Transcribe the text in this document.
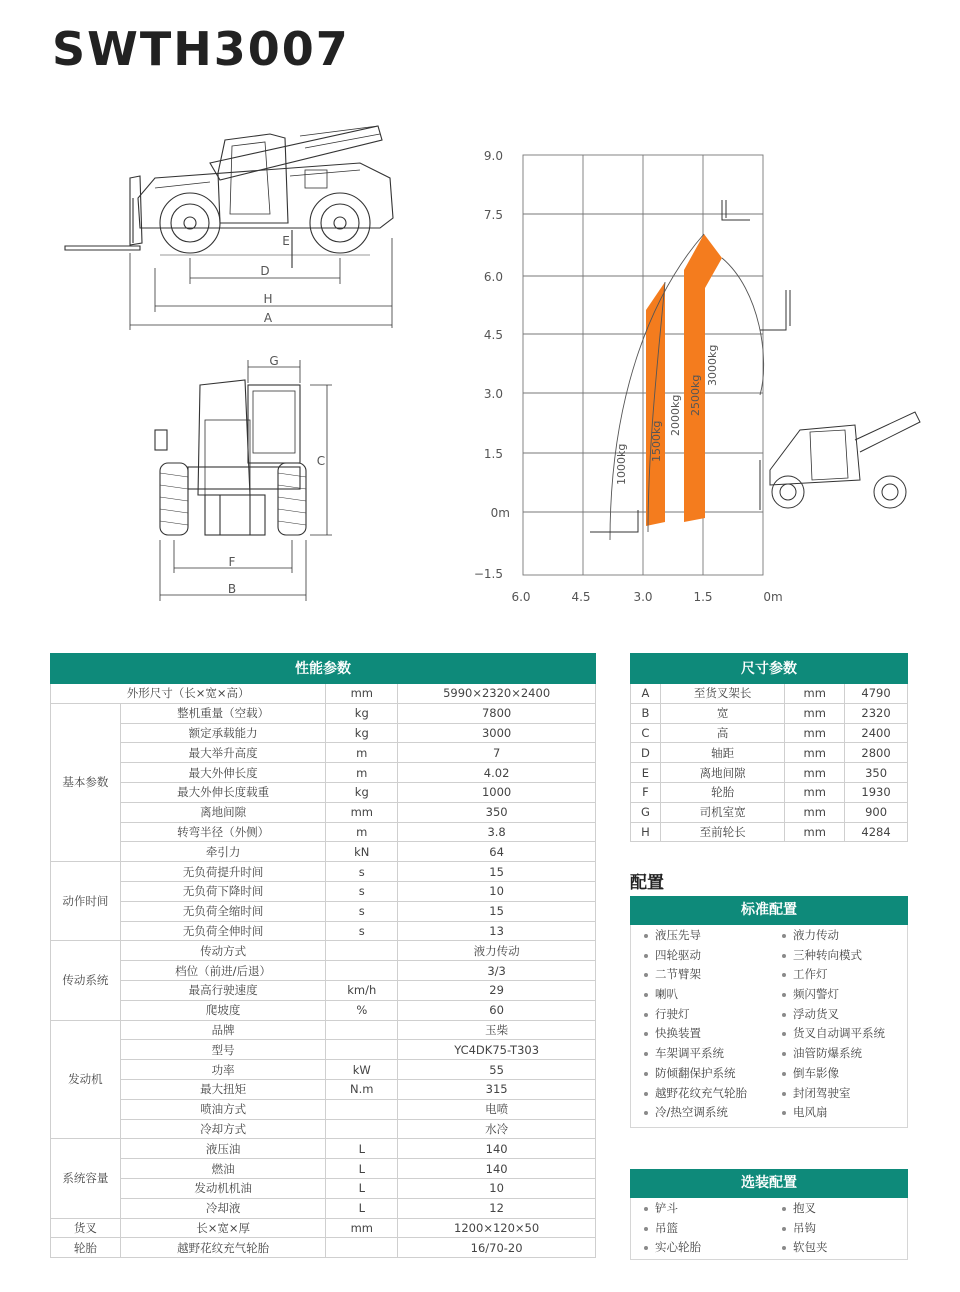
SWTH3007
D
H
A
E
G
C
F
B
1000kg
1500kg
2000kg 2500kg
3000kg
9.0
7.5
6.0
4.5
3.0
1.5
0m
−1.5
6.0	4.5	3.0	1.5	0m
性能参数			
外形尺寸（长×宽×高）		mm	5990×2320×2400
基本参数	整机重量（空载）	kg	7800
	额定承载能力	kg	3000
	最大举升高度	m	7
	最大外伸长度	m	4.02
	最大外伸长度载重	kg	1000
	离地间隙	mm	350
	转弯半径（外侧）	m	3.8
	牵引力	kN	64
动作时间	无负荷提升时间	s	15
	无负荷下降时间	s	10
	无负荷全缩时间	s	15
	无负荷全伸时间	s	13
传动系统	传动方式		液力传动
	档位（前进/后退）		3/3
	最高行驶速度	km/h	29
	爬坡度	%	60
发动机	品牌		玉柴
	型号		YC4DK75-T303
	功率	kW	55
	最大扭矩	N.m	315
	喷油方式		电喷
	冷却方式		水冷
系统容量	液压油	L	140
	燃油	L	140
	发动机机油	L	10
	冷却液	L	12
货叉	长×宽×厚	mm	1200×120×50
轮胎	越野花纹充气轮胎		16/70-20
尺寸参数			
A	至货叉架长	mm	4790
B	宽	mm	2320
C	高	mm	2400
D	轴距	mm	2800
E	离地间隙	mm	350
F	轮胎	mm	1930
G	司机室宽	mm	900
H	至前轮长	mm	4284
配置
标准配置
液压先导	液力传动
四轮驱动	三种转向模式
二节臂架	工作灯
喇叭	频闪警灯
行驶灯	浮动货叉
快换装置	货叉自动调平系统
车架调平系统	油管防爆系统
防倾翻保护系统	倒车影像
越野花纹充气轮胎	封闭驾驶室
冷/热空调系统	电风扇
选装配置
铲斗	抱叉
吊篮	吊钩
实心轮胎	软包夹
